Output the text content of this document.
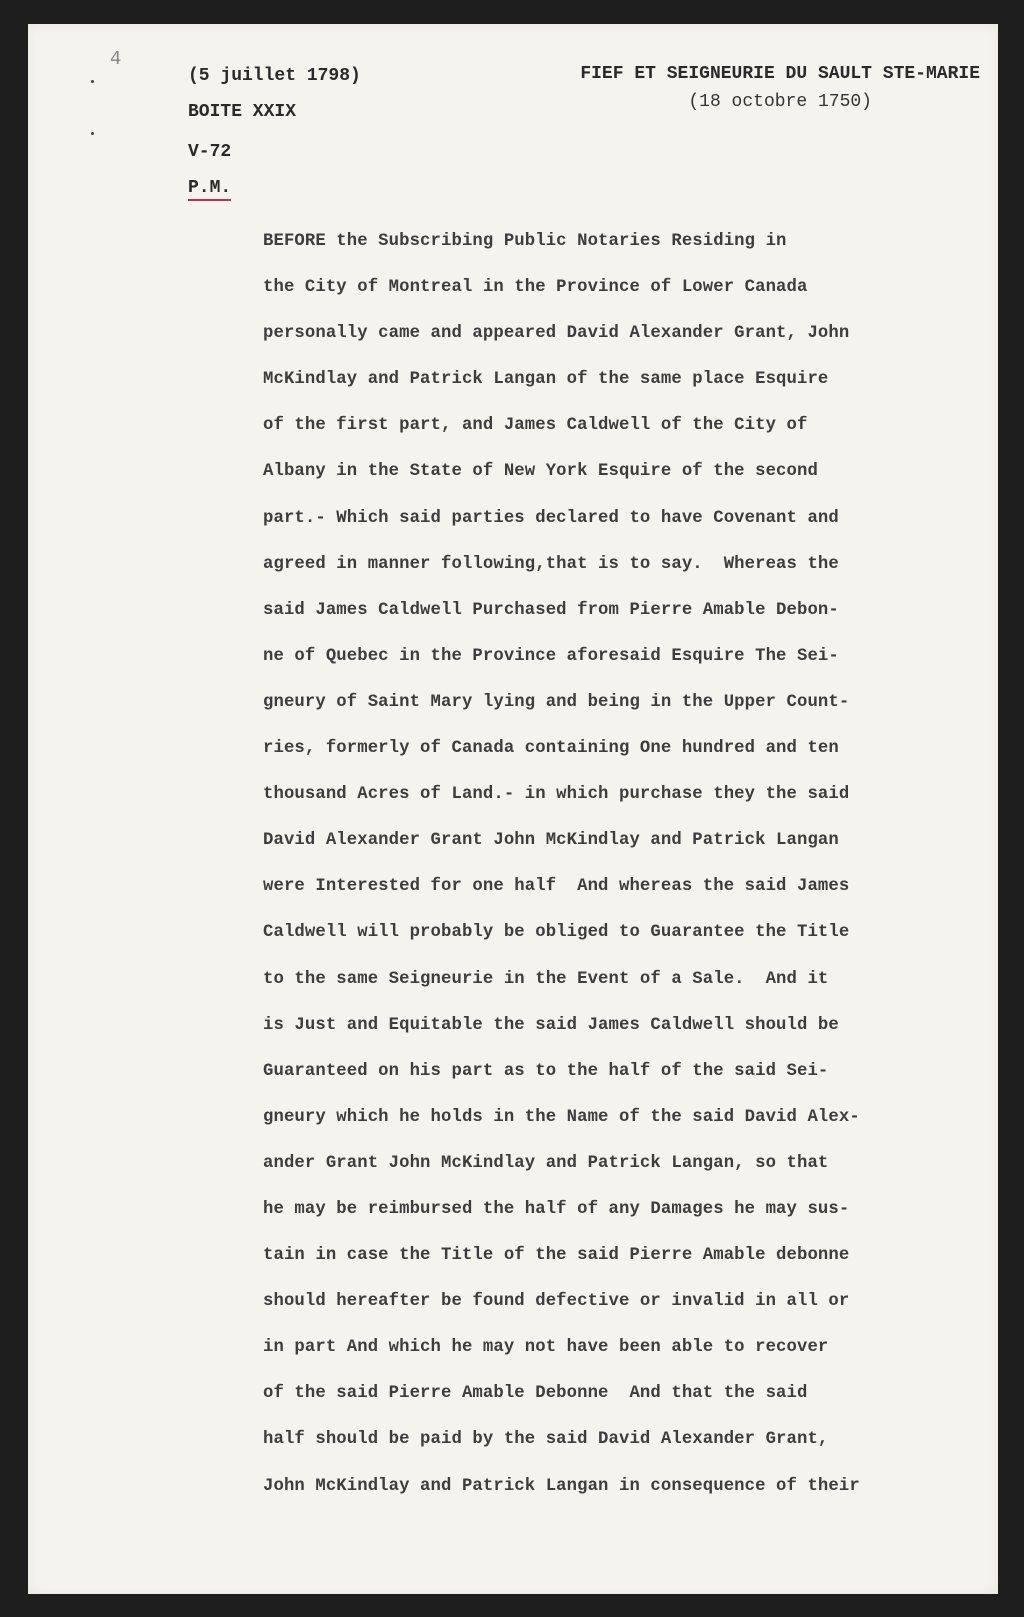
4
(5 juillet 1798)
BOITE XXIX
V-72
P.M.
FIEF ET SEIGNEURIE DU SAULT STE-MARIE
(18 octobre 1750)
BEFORE the Subscribing Public Notaries Residing in
the City of Montreal in the Province of Lower Canada
personally came and appeared David Alexander Grant, John
McKindlay and Patrick Langan of the same place Esquire
of the first part, and James Caldwell of the City of
Albany in the State of New York Esquire of the second
part.- Which said parties declared to have Covenant and
agreed in manner following,that is to say.  Whereas the
said James Caldwell Purchased from Pierre Amable Debon-
ne of Quebec in the Province aforesaid Esquire The Sei-
gneury of Saint Mary lying and being in the Upper Count-
ries, formerly of Canada containing One hundred and ten
thousand Acres of Land.- in which purchase they the said
David Alexander Grant John McKindlay and Patrick Langan
were Interested for one half  And whereas the said James
Caldwell will probably be obliged to Guarantee the Title
to the same Seigneurie in the Event of a Sale.  And it
is Just and Equitable the said James Caldwell should be
Guaranteed on his part as to the half of the said Sei-
gneury which he holds in the Name of the said David Alex-
ander Grant John McKindlay and Patrick Langan, so that
he may be reimbursed the half of any Damages he may sus-
tain in case the Title of the said Pierre Amable debonne
should hereafter be found defective or invalid in all or
in part And which he may not have been able to recover
of the said Pierre Amable Debonne  And that the said
half should be paid by the said David Alexander Grant,
John McKindlay and Patrick Langan in consequence of their
